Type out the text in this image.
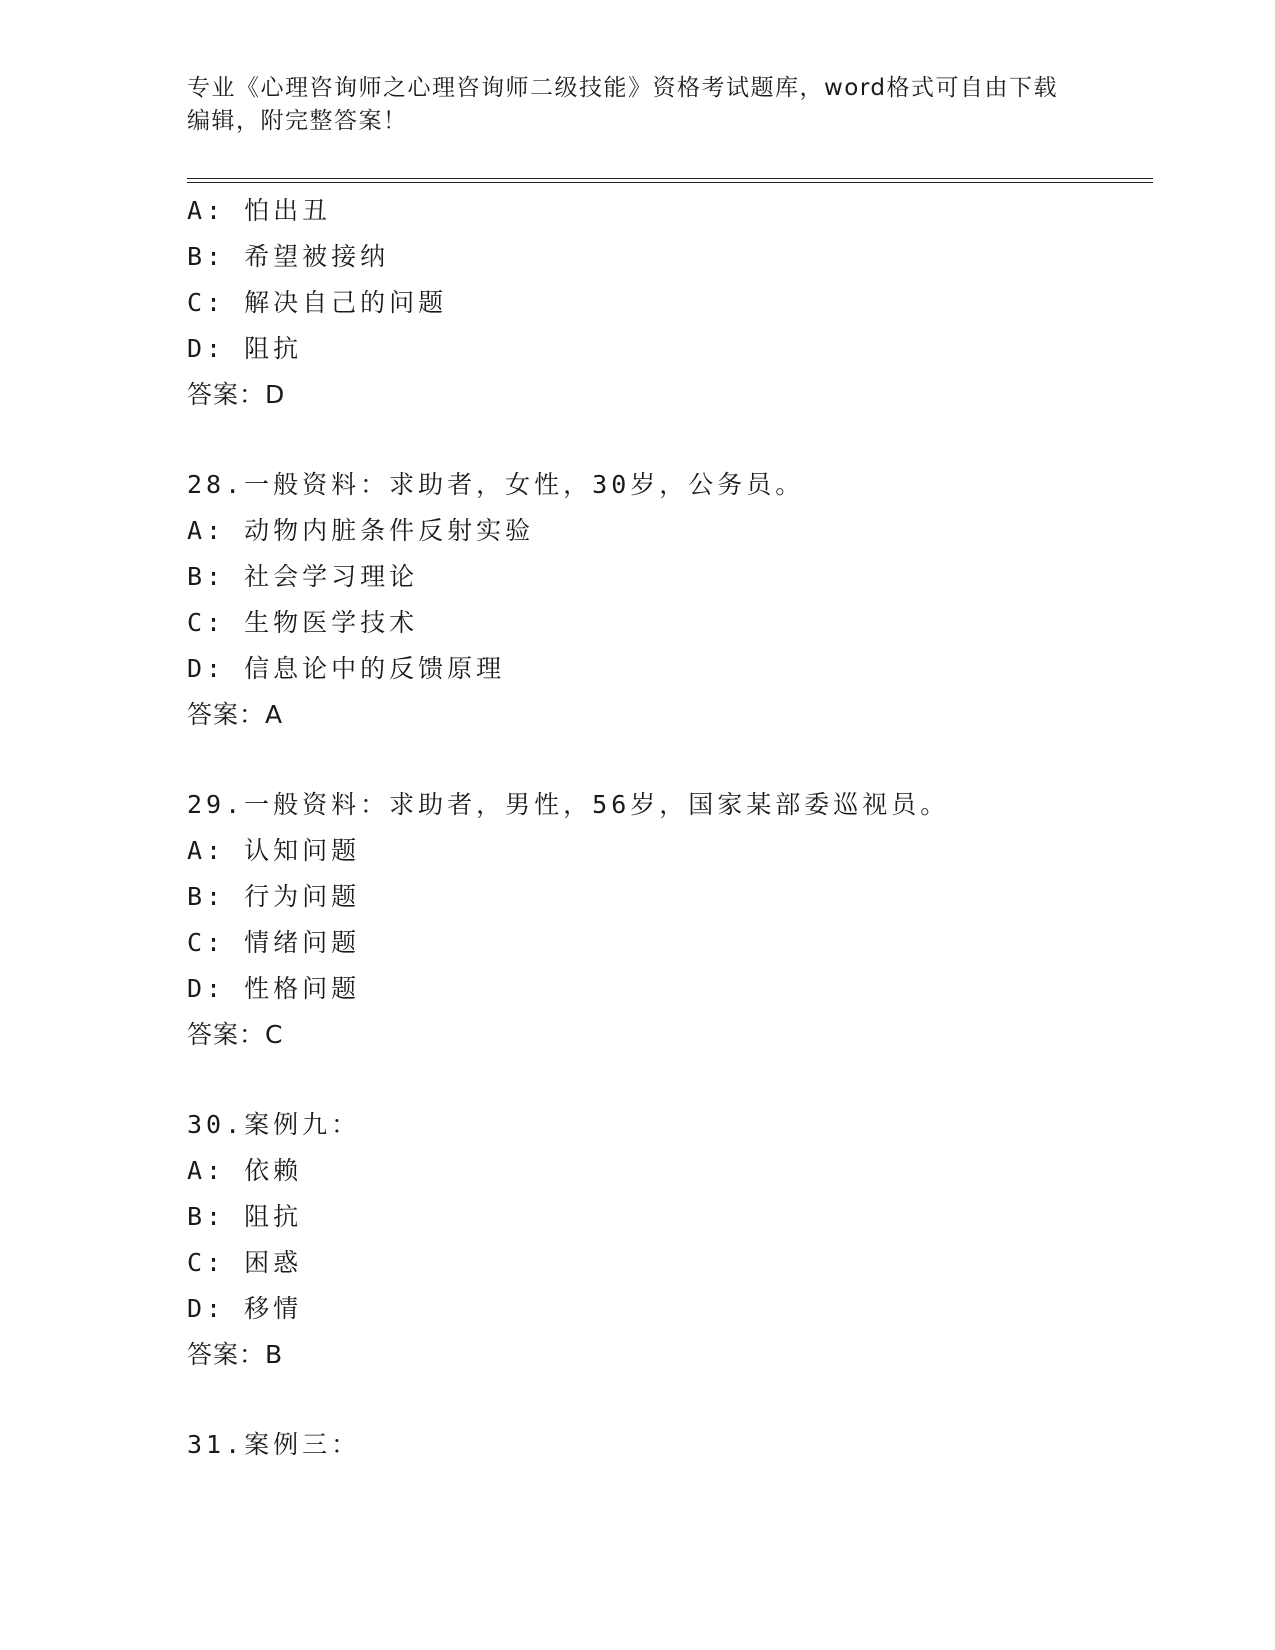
专业《心理咨询师之心理咨询师二级技能》资格考试题库，word格式可自由下载
编辑，附完整答案！
A: 怕出丑
B: 希望被接纳
C: 解决自己的问题
D: 阻抗
答案：D
28.一般资料：求助者，女性，30岁，公务员。
A: 动物内脏条件反射实验
B: 社会学习理论
C: 生物医学技术
D: 信息论中的反馈原理
答案：A
29.一般资料：求助者，男性，56岁，国家某部委巡视员。
A: 认知问题
B: 行为问题
C: 情绪问题
D: 性格问题
答案：C
30.案例九：
A: 依赖
B: 阻抗
C: 困惑
D: 移情
答案：B
31.案例三：
